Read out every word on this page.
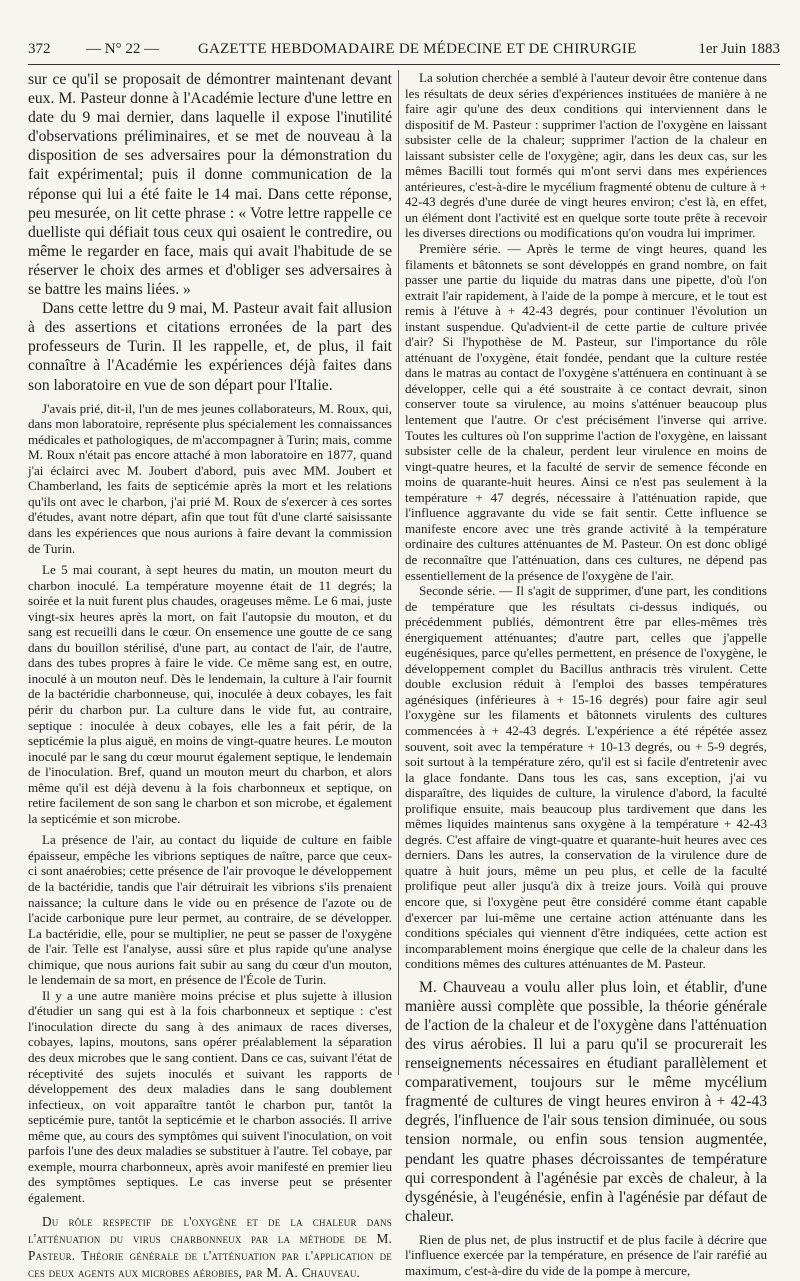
372 — N° 22 —	GAZETTE HEBDOMADAIRE DE MÉDECINE ET DE CHIRURGIE	1er Juin 1883

sur ce qu'il se proposait de démontrer maintenant devant eux. M. Pasteur donne à l'Académie lecture d'une lettre en date du 9 mai dernier, dans laquelle il expose l'inutilité d'observations préliminaires, et se met de nouveau à la disposition de ses adversaires pour la démonstration du fait expérimental; puis il donne communication de la réponse qui lui a été faite le 14 mai. Dans cette réponse, peu mesurée, on lit cette phrase : « Votre lettre rappelle ce duelliste qui défiait tous ceux qui osaient le contredire, ou même le regarder en face, mais qui avait l'habitude de se réserver le choix des armes et d'obliger ses adversaires à se battre les mains liées. »

Dans cette lettre du 9 mai, M. Pasteur avait fait allusion à des assertions et citations erronées de la part des professeurs de Turin. Il les rappelle, et, de plus, il fait connaître à l'Académie les expériences déjà faites dans son laboratoire en vue de son départ pour l'Italie.

J'avais prié, dit-il, l'un de mes jeunes collaborateurs, M. Roux, qui, dans mon laboratoire, représente plus spécialement les connaissances médicales et pathologiques, de m'accompagner à Turin; mais, comme M. Roux n'était pas encore attaché à mon laboratoire en 1877, quand j'ai éclairci avec M. Joubert d'abord, puis avec MM. Joubert et Chamberland, les faits de septicémie après la mort et les relations qu'ils ont avec le charbon, j'ai prié M. Roux de s'exercer à ces sortes d'études, avant notre départ, afin que tout fût d'une clarté saisissante dans les expériences que nous aurions à faire devant la commission de Turin.

Le 5 mai courant, à sept heures du matin, un mouton meurt du charbon inoculé. La température moyenne était de 11 degrés; la soirée et la nuit furent plus chaudes, orageuses même. Le 6 mai, juste vingt-six heures après la mort, on fait l'autopsie du mouton, et du sang est recueilli dans le cœur. On ensemence une goutte de ce sang dans du bouillon stérilisé, d'une part, au contact de l'air, de l'autre, dans des tubes propres à faire le vide. Ce même sang est, en outre, inoculé à un mouton neuf. Dès le lendemain, la culture à l'air fournit de la bactéridie charbonneuse, qui, inoculée à deux cobayes, les fait périr du charbon pur. La culture dans le vide fut, au contraire, septique : inoculée à deux cobayes, elle les a fait périr, de la septicémie la plus aiguë, en moins de vingt-quatre heures. Le mouton inoculé par le sang du cœur mourut également septique, le lendemain de l'inoculation. Bref, quand un mouton meurt du charbon, et alors même qu'il est déjà devenu à la fois charbonneux et septique, on retire facilement de son sang le charbon et son microbe, et également la septicémie et son microbe.

La présence de l'air, au contact du liquide de culture en faible épaisseur, empêche les vibrions septiques de naître, parce que ceux-ci sont anaérobies; cette présence de l'air provoque le développement de la bactéridie, tandis que l'air détruirait les vibrions s'ils prenaient naissance; la culture dans le vide ou en présence de l'azote ou de l'acide carbonique pure leur permet, au contraire, de se développer. La bactéridie, elle, pour se multiplier, ne peut se passer de l'oxygène de l'air. Telle est l'analyse, aussi sûre et plus rapide qu'une analyse chimique, que nous aurions fait subir au sang du cœur d'un mouton, le lendemain de sa mort, en présence de l'École de Turin.

Il y a une autre manière moins précise et plus sujette à illusion d'étudier un sang qui est à la fois charbonneux et septique : c'est l'inoculation directe du sang à des animaux de races diverses, cobayes, lapins, moutons, sans opérer préalablement la séparation des deux microbes que le sang contient. Dans ce cas, suivant l'état de réceptivité des sujets inoculés et suivant les rapports de développement des deux maladies dans le sang doublement infectieux, on voit apparaître tantôt le charbon pur, tantôt la septicémie pure, tantôt la septicémie et le charbon associés. Il arrive même que, au cours des symptômes qui suivent l'inoculation, on voit parfois l'une des deux maladies se substituer à l'autre. Tel cobaye, par exemple, mourra charbonneux, après avoir manifesté en premier lieu des symptômes septiques. Le cas inverse peut se présenter également.

Du rôle respectif de l'oxygène et de la chaleur dans l'atténuation du virus charbonneux par la méthode de M. Pasteur. Théorie générale de l'atténuation par l'application de ces deux agents aux microbes aérobies, par M. A. Chauveau.

La solution cherchée a semblé à l'auteur devoir être contenue dans les résultats de deux séries d'expériences instituées de manière à ne faire agir qu'une des deux conditions qui interviennent dans le dispositif de M. Pasteur : supprimer l'action de l'oxygène en laissant subsister celle de la chaleur; supprimer l'action de la chaleur en laissant subsister celle de l'oxygène; agir, dans les deux cas, sur les mêmes Bacilli tout formés qui m'ont servi dans mes expériences antérieures, c'est-à-dire le mycélium fragmenté obtenu de culture à + 42-43 degrés d'une durée de vingt heures environ; c'est là, en effet, un élément dont l'activité est en quelque sorte toute prête à recevoir les diverses directions ou modifications qu'on voudra lui imprimer.

Première série. — Après le terme de vingt heures, quand les filaments et bâtonnets se sont développés en grand nombre, on fait passer une partie du liquide du matras dans une pipette, d'où l'on extrait l'air rapidement, à l'aide de la pompe à mercure, et le tout est remis à l'étuve à + 42-43 degrés, pour continuer l'évolution un instant suspendue. Qu'advient-il de cette partie de culture privée d'air? Si l'hypothèse de M. Pasteur, sur l'importance du rôle atténuant de l'oxygène, était fondée, pendant que la culture restée dans le matras au contact de l'oxygène s'atténuera en continuant à se développer, celle qui a été soustraite à ce contact devrait, sinon conserver toute sa virulence, au moins s'atténuer beaucoup plus lentement que l'autre. Or c'est précisément l'inverse qui arrive. Toutes les cultures où l'on supprime l'action de l'oxygène, en laissant subsister celle de la chaleur, perdent leur virulence en moins de vingt-quatre heures, et la faculté de servir de semence féconde en moins de quarante-huit heures. Ainsi ce n'est pas seulement à la température + 47 degrés, nécessaire à l'atténuation rapide, que l'influence aggravante du vide se fait sentir. Cette influence se manifeste encore avec une très grande activité à la température ordinaire des cultures atténuantes de M. Pasteur. On est donc obligé de reconnaître que l'atténuation, dans ces cultures, ne dépend pas essentiellement de la présence de l'oxygène de l'air.

Seconde série. — Il s'agit de supprimer, d'une part, les conditions de température que les résultats ci-dessus indiqués, ou précédemment publiés, démontrent être par elles-mêmes très énergiquement atténuantes; d'autre part, celles que j'appelle eugénésiques, parce qu'elles permettent, en présence de l'oxygène, le développement complet du Bacillus anthracis très virulent. Cette double exclusion réduit à l'emploi des basses températures agénésiques (inférieures à + 15-16 degrés) pour faire agir seul l'oxygène sur les filaments et bâtonnets virulents des cultures commencées à + 42-43 degrés. L'expérience a été répétée assez souvent, soit avec la température + 10-13 degrés, ou + 5-9 degrés, soit surtout à la température zéro, qu'il est si facile d'entretenir avec la glace fondante. Dans tous les cas, sans exception, j'ai vu disparaître, des liquides de culture, la virulence d'abord, la faculté prolifique ensuite, mais beaucoup plus tardivement que dans les mêmes liquides maintenus sans oxygène à la température + 42-43 degrés. C'est affaire de vingt-quatre et quarante-huit heures avec ces derniers. Dans les autres, la conservation de la virulence dure de quatre à huit jours, même un peu plus, et celle de la faculté prolifique peut aller jusqu'à dix à treize jours. Voilà qui prouve encore que, si l'oxygène peut être considéré comme étant capable d'exercer par lui-même une certaine action atténuante dans les conditions spéciales qui viennent d'être indiquées, cette action est incomparablement moins énergique que celle de la chaleur dans les conditions mêmes des cultures atténuantes de M. Pasteur.

M. Chauveau a voulu aller plus loin, et établir, d'une manière aussi complète que possible, la théorie générale de l'action de la chaleur et de l'oxygène dans l'atténuation des virus aérobies. Il lui a paru qu'il se procurerait les renseignements nécessaires en étudiant parallèlement et comparativement, toujours sur le même mycélium fragmenté de cultures de vingt heures environ à + 42-43 degrés, l'influence de l'air sous tension diminuée, ou sous tension normale, ou enfin sous tension augmentée, pendant les quatre phases décroissantes de température qui correspondent à l'agénésie par excès de chaleur, à la dysgénésie, à l'eugénésie, enfin à l'agénésie par défaut de chaleur.

Rien de plus net, de plus instructif et de plus facile à décrire que l'influence exercée par la température, en présence de l'air raréfié au maximum, c'est-à-dire du vide de la pompe à mercure,
